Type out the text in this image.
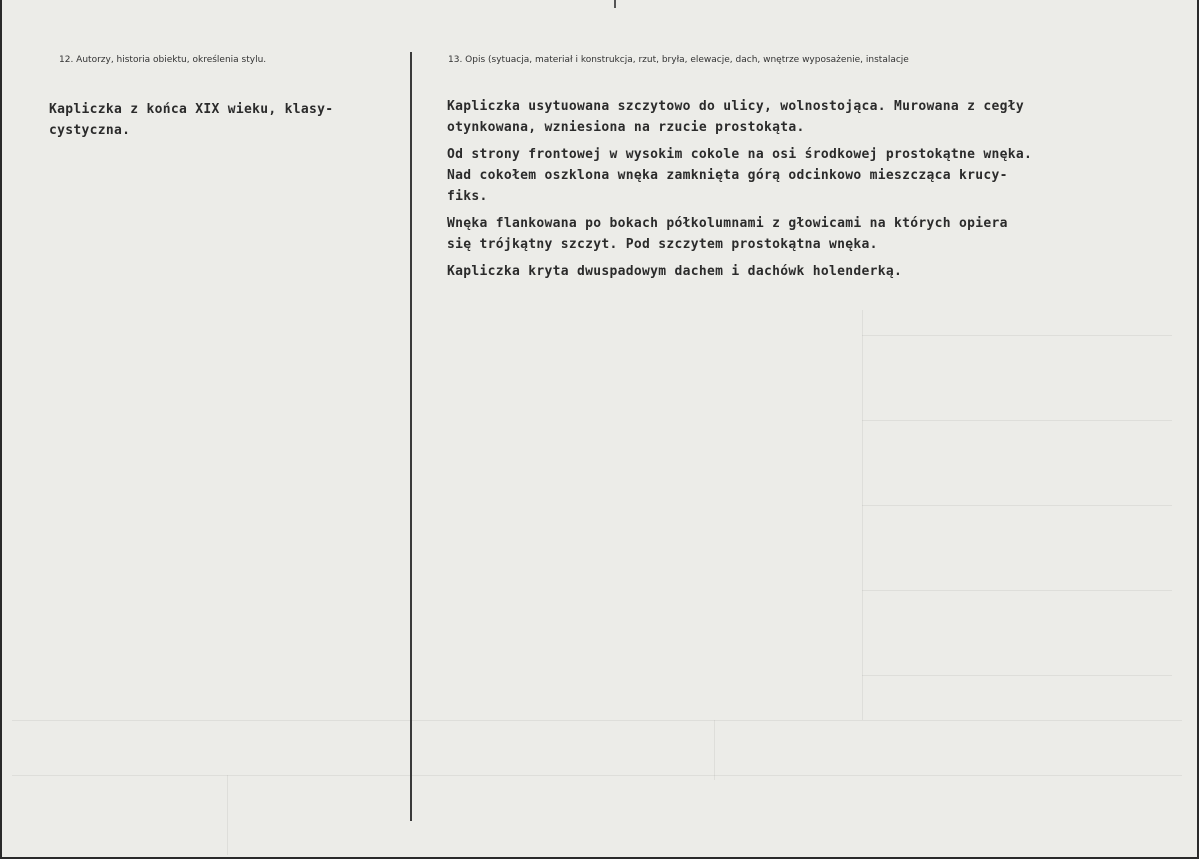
12. Autorzy, historia obiektu, określenia stylu.	13. Opis (sytuacja, materiał i konstrukcja, rzut, bryła, elewacje, dach, wnętrze wyposażenie, instalacje

Kapliczka z końca XIX wieku, klasy-
cystyczna.

Kapliczka usytuowana szczytowo do ulicy, wolnostojąca. Murowana z cegły
otynkowana, wzniesiona na rzucie prostokąta.

Od strony frontowej w wysokim cokole na osi środkowej prostokątne wnęka.
Nad cokołem oszklona wnęka zamknięta górą odcinkowo mieszcząca krucy-
fiks.

Wnęka flankowana po bokach półkolumnami z głowicami na których opiera
się trójkątny szczyt. Pod szczytem prostokątna wnęka.

Kapliczka kryta dwuspadowym dachem i dachówk holenderką.
